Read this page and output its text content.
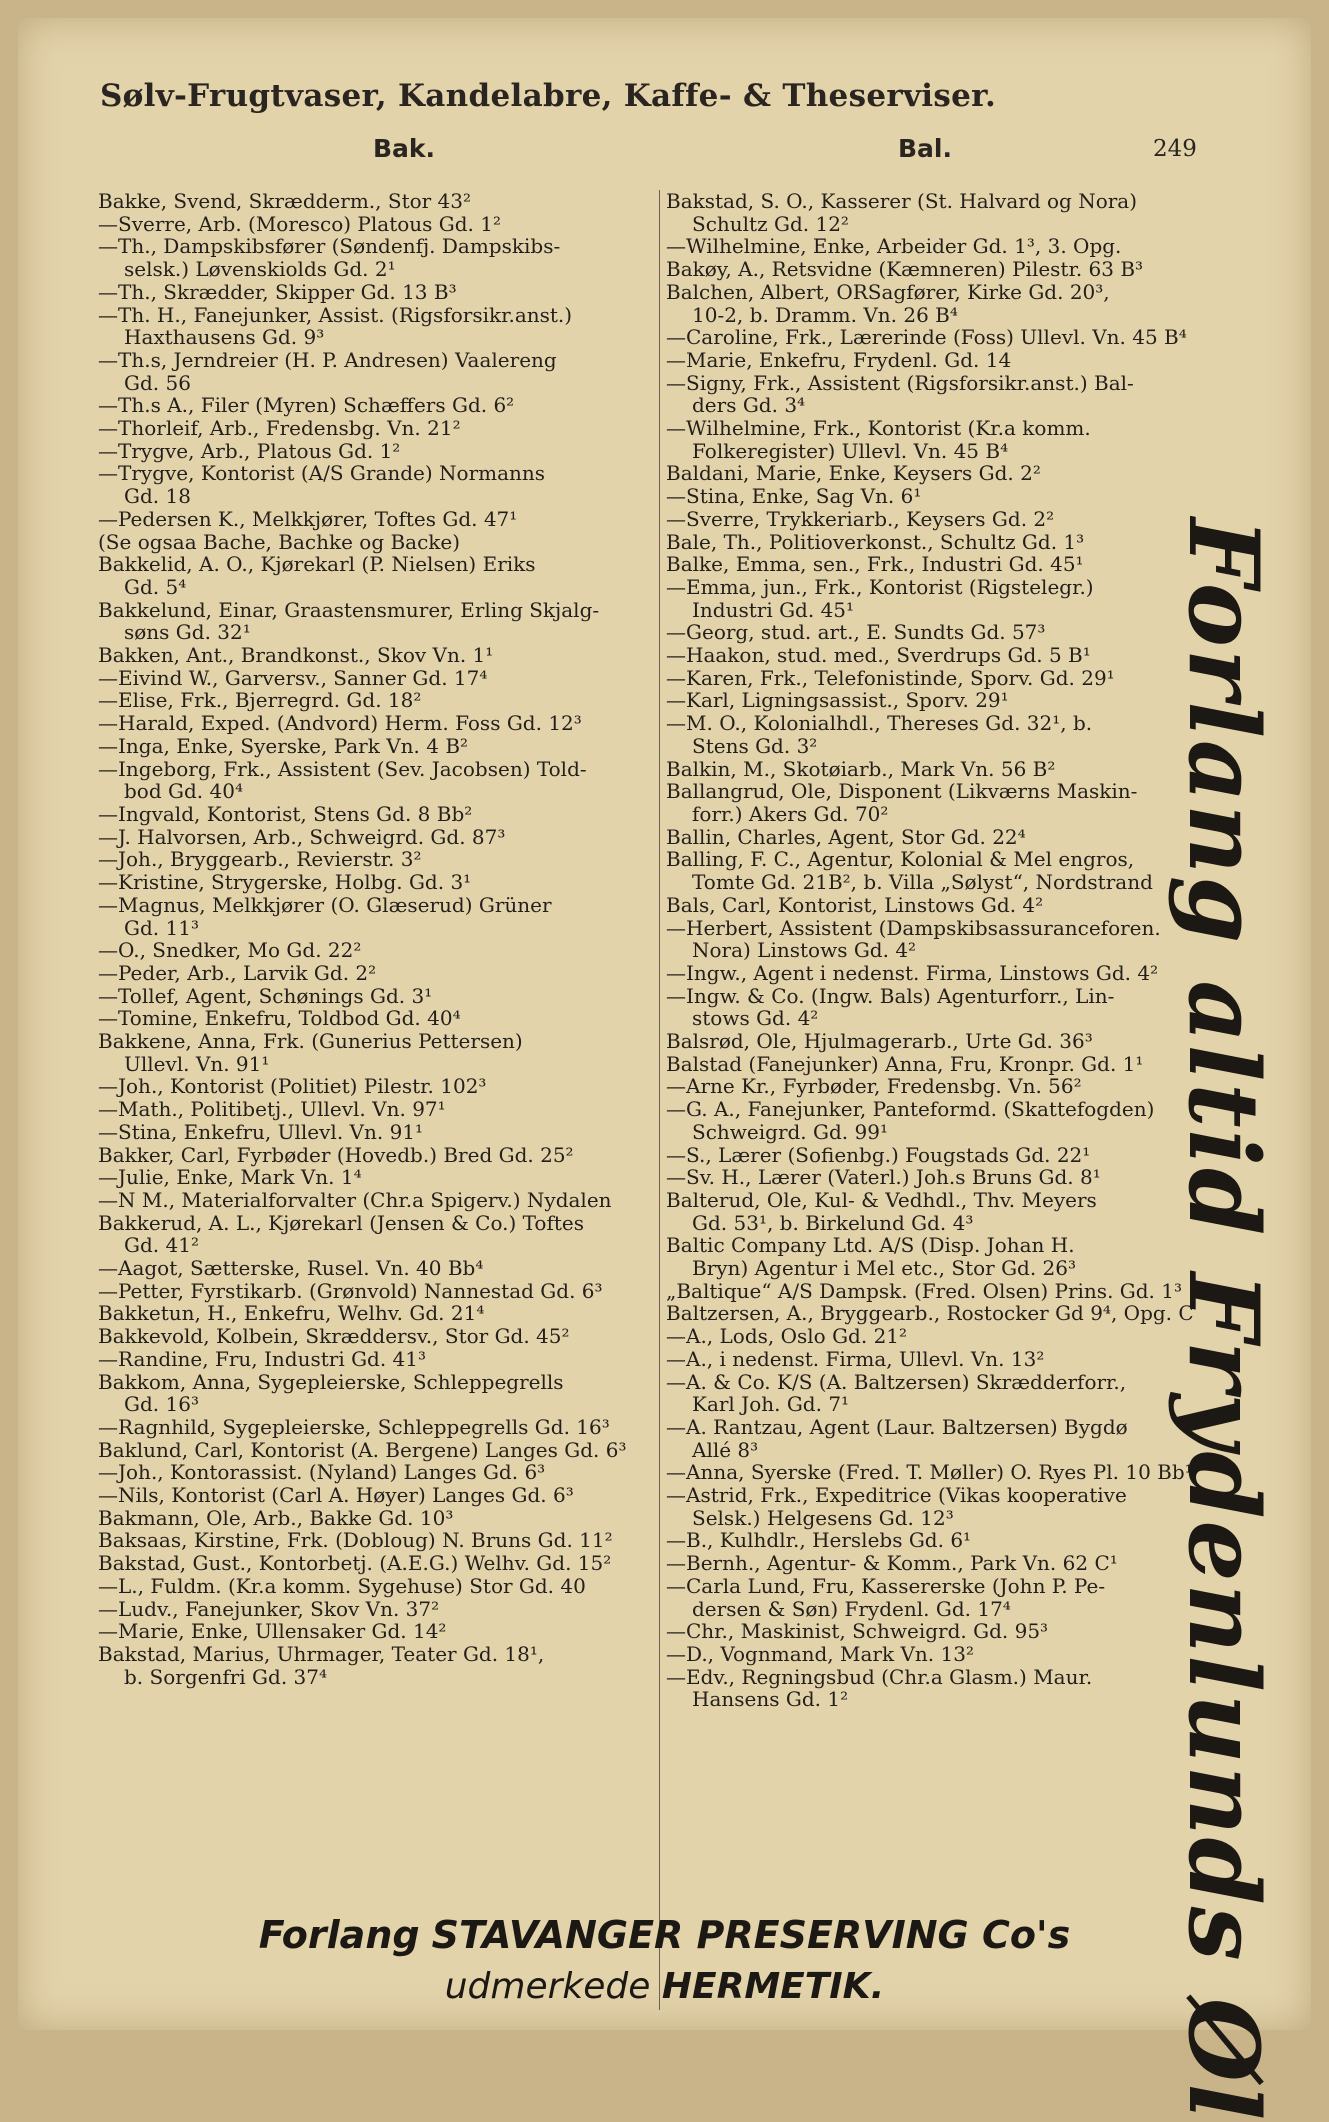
Sølv-Frugtvaser, Kandelabre, Kaffe- & Theserviser.
Bak.	Bal.	249
Bakke, Svend, Skrædderm., Stor 43²
—Sverre, Arb. (Moresco) Platous Gd. 1²
—Th., Dampskibsfører (Søndenfj. Dampskibs-
selsk.) Løvenskiolds Gd. 2¹
—Th., Skrædder, Skipper Gd. 13 B³
—Th. H., Fanejunker, Assist. (Rigsforsikr.anst.)
Haxthausens Gd. 9³
—Th.s, Jerndreier (H. P. Andresen) Vaalereng
Gd. 56
—Th.s A., Filer (Myren) Schæffers Gd. 6²
—Thorleif, Arb., Fredensbg. Vn. 21²
—Trygve, Arb., Platous Gd. 1²
—Trygve, Kontorist (A/S Grande) Normanns
Gd. 18
—Pedersen K., Melkkjører, Toftes Gd. 47¹
(Se ogsaa Bache, Bachke og Backe)
Bakkelid, A. O., Kjørekarl (P. Nielsen) Eriks
Gd. 5⁴
Bakkelund, Einar, Graastensmurer, Erling Skjalg-
søns Gd. 32¹
Bakken, Ant., Brandkonst., Skov Vn. 1¹
—Eivind W., Garversv., Sanner Gd. 17⁴
—Elise, Frk., Bjerregrd. Gd. 18²
—Harald, Exped. (Andvord) Herm. Foss Gd. 12³
—Inga, Enke, Syerske, Park Vn. 4 B²
—Ingeborg, Frk., Assistent (Sev. Jacobsen) Told-
bod Gd. 40⁴
—Ingvald, Kontorist, Stens Gd. 8 Bb²
—J. Halvorsen, Arb., Schweigrd. Gd. 87³
—Joh., Bryggearb., Revierstr. 3²
—Kristine, Strygerske, Holbg. Gd. 3¹
—Magnus, Melkkjører (O. Glæserud) Grüner
Gd. 11³
—O., Snedker, Mo Gd. 22²
—Peder, Arb., Larvik Gd. 2²
—Tollef, Agent, Schønings Gd. 3¹
—Tomine, Enkefru, Toldbod Gd. 40⁴
Bakkene, Anna, Frk. (Gunerius Pettersen)
Ullevl. Vn. 91¹
—Joh., Kontorist (Politiet) Pilestr. 102³
—Math., Politibetj., Ullevl. Vn. 97¹
—Stina, Enkefru, Ullevl. Vn. 91¹
Bakker, Carl, Fyrbøder (Hovedb.) Bred Gd. 25²
—Julie, Enke, Mark Vn. 1⁴
—N M., Materialforvalter (Chr.a Spigerv.) Nydalen
Bakkerud, A. L., Kjørekarl (Jensen & Co.) Toftes
Gd. 41²
—Aagot, Sætterske, Rusel. Vn. 40 Bb⁴
—Petter, Fyrstikarb. (Grønvold) Nannestad Gd. 6³
Bakketun, H., Enkefru, Welhv. Gd. 21⁴
Bakkevold, Kolbein, Skræddersv., Stor Gd. 45²
—Randine, Fru, Industri Gd. 41³
Bakkom, Anna, Sygepleierske, Schleppegrells
Gd. 16³
—Ragnhild, Sygepleierske, Schleppegrells Gd. 16³
Baklund, Carl, Kontorist (A. Bergene) Langes Gd. 6³
—Joh., Kontorassist. (Nyland) Langes Gd. 6³
—Nils, Kontorist (Carl A. Høyer) Langes Gd. 6³
Bakmann, Ole, Arb., Bakke Gd. 10³
Baksaas, Kirstine, Frk. (Dobloug) N. Bruns Gd. 11²
Bakstad, Gust., Kontorbetj. (A.E.G.) Welhv. Gd. 15²
—L., Fuldm. (Kr.a komm. Sygehuse) Stor Gd. 40
—Ludv., Fanejunker, Skov Vn. 37²
—Marie, Enke, Ullensaker Gd. 14²
Bakstad, Marius, Uhrmager, Teater Gd. 18¹,
b. Sorgenfri Gd. 37⁴
Bakstad, S. O., Kasserer (St. Halvard og Nora)
Schultz Gd. 12²
—Wilhelmine, Enke, Arbeider Gd. 1³, 3. Opg.
Bakøy, A., Retsvidne (Kæmneren) Pilestr. 63 B³
Balchen, Albert, ORSagfører, Kirke Gd. 20³,
10-2, b. Dramm. Vn. 26 B⁴
—Caroline, Frk., Lærerinde (Foss) Ullevl. Vn. 45 B⁴
—Marie, Enkefru, Frydenl. Gd. 14
—Signy, Frk., Assistent (Rigsforsikr.anst.) Bal-
ders Gd. 3⁴
—Wilhelmine, Frk., Kontorist (Kr.a komm.
Folkeregister) Ullevl. Vn. 45 B⁴
Baldani, Marie, Enke, Keysers Gd. 2²
—Stina, Enke, Sag Vn. 6¹
—Sverre, Trykkeriarb., Keysers Gd. 2²
Bale, Th., Politioverkonst., Schultz Gd. 1³
Balke, Emma, sen., Frk., Industri Gd. 45¹
—Emma, jun., Frk., Kontorist (Rigstelegr.)
Industri Gd. 45¹
—Georg, stud. art., E. Sundts Gd. 57³
—Haakon, stud. med., Sverdrups Gd. 5 B¹
—Karen, Frk., Telefonistinde, Sporv. Gd. 29¹
—Karl, Ligningsassist., Sporv. 29¹
—M. O., Kolonialhdl., Thereses Gd. 32¹, b.
Stens Gd. 3²
Balkin, M., Skotøiarb., Mark Vn. 56 B²
Ballangrud, Ole, Disponent (Likværns Maskin-
forr.) Akers Gd. 70²
Ballin, Charles, Agent, Stor Gd. 22⁴
Balling, F. C., Agentur, Kolonial & Mel engros,
Tomte Gd. 21B², b. Villa „Sølyst“, Nordstrand
Bals, Carl, Kontorist, Linstows Gd. 4²
—Herbert, Assistent (Dampskibsassuranceforen.
Nora) Linstows Gd. 4²
—Ingw., Agent i nedenst. Firma, Linstows Gd. 4²
—Ingw. & Co. (Ingw. Bals) Agenturforr., Lin-
stows Gd. 4²
Balsrød, Ole, Hjulmagerarb., Urte Gd. 36³
Balstad (Fanejunker) Anna, Fru, Kronpr. Gd. 1¹
—Arne Kr., Fyrbøder, Fredensbg. Vn. 56²
—G. A., Fanejunker, Panteformd. (Skattefogden)
Schweigrd. Gd. 99¹
—S., Lærer (Sofienbg.) Fougstads Gd. 22¹
—Sv. H., Lærer (Vaterl.) Joh.s Bruns Gd. 8¹
Balterud, Ole, Kul- & Vedhdl., Thv. Meyers
Gd. 53¹, b. Birkelund Gd. 4³
Baltic Company Ltd. A/S (Disp. Johan H.
Bryn) Agentur i Mel etc., Stor Gd. 26³
„Baltique“ A/S Dampsk. (Fred. Olsen) Prins. Gd. 1³
Baltzersen, A., Bryggearb., Rostocker Gd 9⁴, Opg. C
—A., Lods, Oslo Gd. 21²
—A., i nedenst. Firma, Ullevl. Vn. 13²
—A. & Co. K/S (A. Baltzersen) Skrædderforr.,
Karl Joh. Gd. 7¹
—A. Rantzau, Agent (Laur. Baltzersen) Bygdø
Allé 8³
—Anna, Syerske (Fred. T. Møller) O. Ryes Pl. 10 Bb¹
—Astrid, Frk., Expeditrice (Vikas kooperative
Selsk.) Helgesens Gd. 12³
—B., Kulhdlr., Herslebs Gd. 6¹
—Bernh., Agentur- & Komm., Park Vn. 62 C¹
—Carla Lund, Fru, Kassererske (John P. Pe-
dersen & Søn) Frydenl. Gd. 17⁴
—Chr., Maskinist, Schweigrd. Gd. 95³
—D., Vognmand, Mark Vn. 13²
—Edv., Regningsbud (Chr.a Glasm.) Maur.
Hansens Gd. 1²	Forlang altid Frydenlunds Øl
Forlang STAVANGER PRESERVING Co's
udmerkede HERMETIK.
